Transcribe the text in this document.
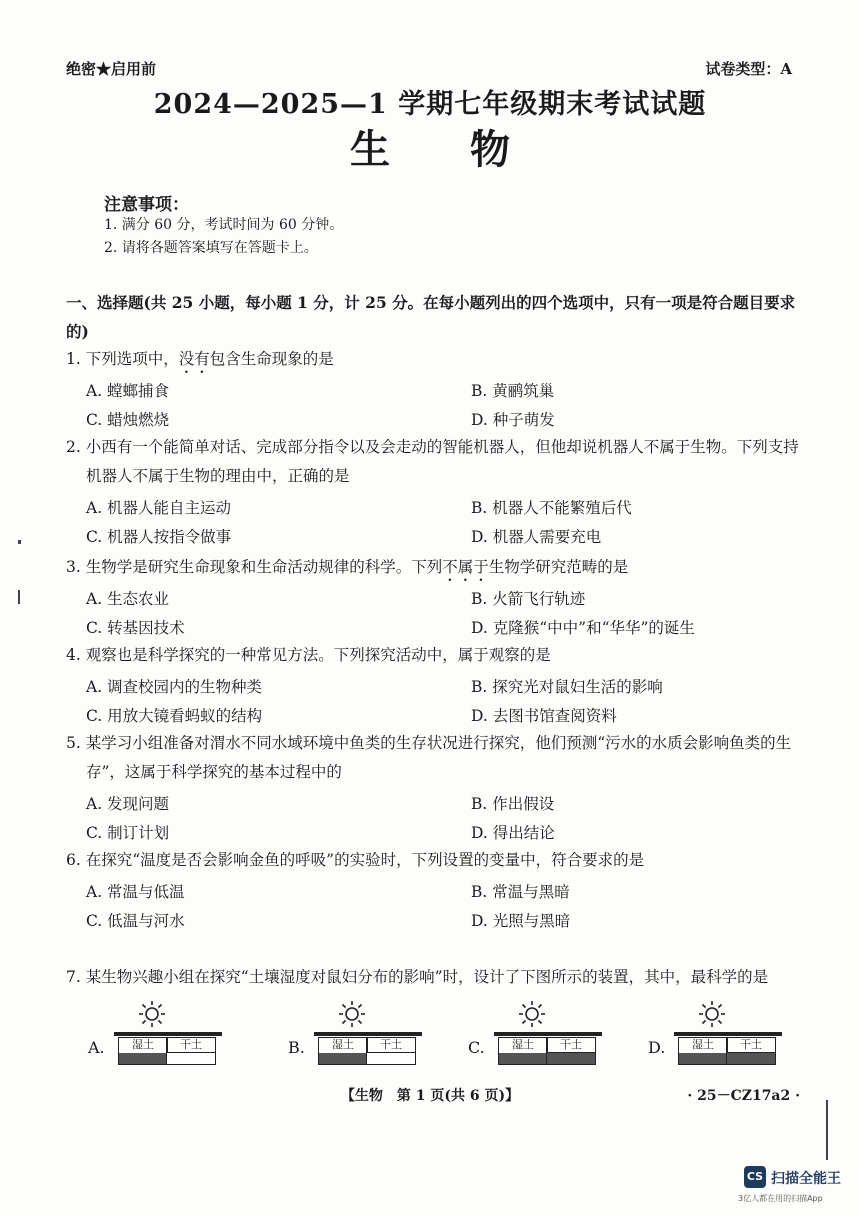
绝密★启用前	试卷类型：A
2024—2025—1 学期七年级期末考试试题
生物
注意事项：
1. 满分 60 分，考试时间为 60 分钟。
2. 请将各题答案填写在答题卡上。
一、选择题(共 25 小题，每小题 1 分，计 25 分。在每小题列出的四个选项中，只有一项是符合题目要求的)
1. 下列选项中，没有包含生命现象的是
A. 螳螂捕食	B. 黄鹂筑巢
C. 蜡烛燃烧	D. 种子萌发
2. 小西有一个能简单对话、完成部分指令以及会走动的智能机器人，但他却说机器人不属于生物。下列支持机器人不属于生物的理由中，正确的是
A. 机器人能自主运动	B. 机器人不能繁殖后代
C. 机器人按指令做事	D. 机器人需要充电
3. 生物学是研究生命现象和生命活动规律的科学。下列不属于生物学研究范畴的是
A. 生态农业	B. 火箭飞行轨迹
C. 转基因技术	D. 克隆猴“中中”和“华华”的诞生
4. 观察也是科学探究的一种常见方法。下列探究活动中，属于观察的是
A. 调查校园内的生物种类	B. 探究光对鼠妇生活的影响
C. 用放大镜看蚂蚁的结构	D. 去图书馆查阅资料
5. 某学习小组准备对渭水不同水域环境中鱼类的生存状况进行探究，他们预测“污水的水质会影响鱼类的生存”，这属于科学探究的基本过程中的
A. 发现问题	B. 作出假设
C. 制订计划	D. 得出结论
6. 在探究“温度是否会影响金鱼的呼吸”的实验时，下列设置的变量中，符合要求的是
A. 常温与低温	B. 常温与黑暗
C. 低温与河水	D. 光照与黑暗
7. 某生物兴趣小组在探究“土壤湿度对鼠妇分布的影响”时，设计了下图所示的装置，其中，最科学的是
A.	湿土	干土	B.	湿土	干土	C.	湿土	干土	D.	湿土	干土
【生物　第 1 页(共 6 页)】	· 25－CZ17a2 ·
CS 扫描全能王
3亿人都在用的扫描App
